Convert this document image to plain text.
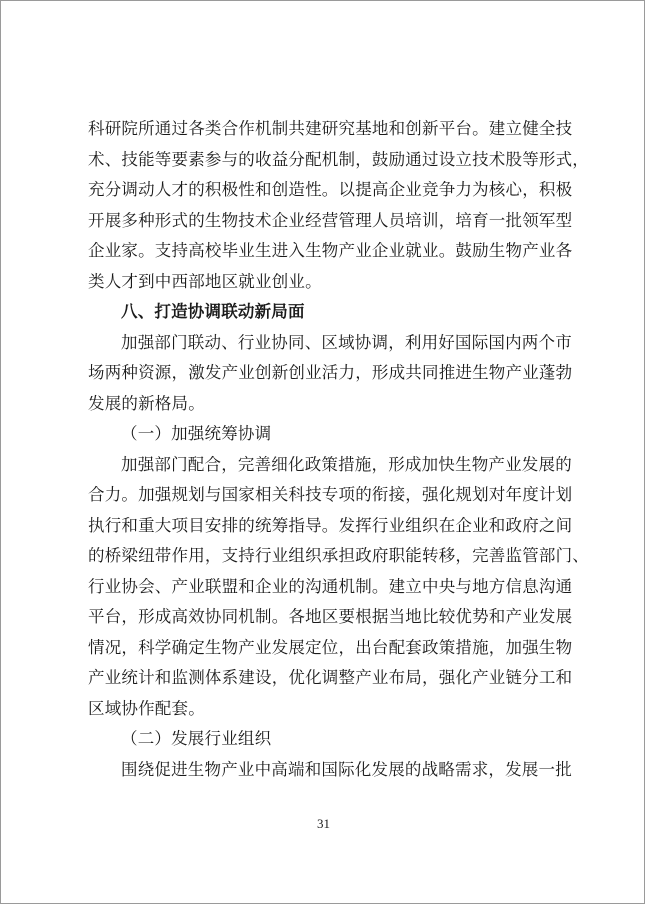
科研院所通过各类合作机制共建研究基地和创新平台。建立健全技
术、技能等要素参与的收益分配机制，鼓励通过设立技术股等形式，
充分调动人才的积极性和创造性。以提高企业竞争力为核心，积极
开展多种形式的生物技术企业经营管理人员培训，培育一批领军型
企业家。支持高校毕业生进入生物产业企业就业。鼓励生物产业各
类人才到中西部地区就业创业。
八、打造协调联动新局面
加强部门联动、行业协同、区域协调，利用好国际国内两个市
场两种资源，激发产业创新创业活力，形成共同推进生物产业蓬勃
发展的新格局。
（一）加强统筹协调
加强部门配合，完善细化政策措施，形成加快生物产业发展的
合力。加强规划与国家相关科技专项的衔接，强化规划对年度计划
执行和重大项目安排的统筹指导。发挥行业组织在企业和政府之间
的桥梁纽带作用，支持行业组织承担政府职能转移，完善监管部门、
行业协会、产业联盟和企业的沟通机制。建立中央与地方信息沟通
平台，形成高效协同机制。各地区要根据当地比较优势和产业发展
情况，科学确定生物产业发展定位，出台配套政策措施，加强生物
产业统计和监测体系建设，优化调整产业布局，强化产业链分工和
区域协作配套。
（二）发展行业组织
围绕促进生物产业中高端和国际化发展的战略需求，发展一批
31
